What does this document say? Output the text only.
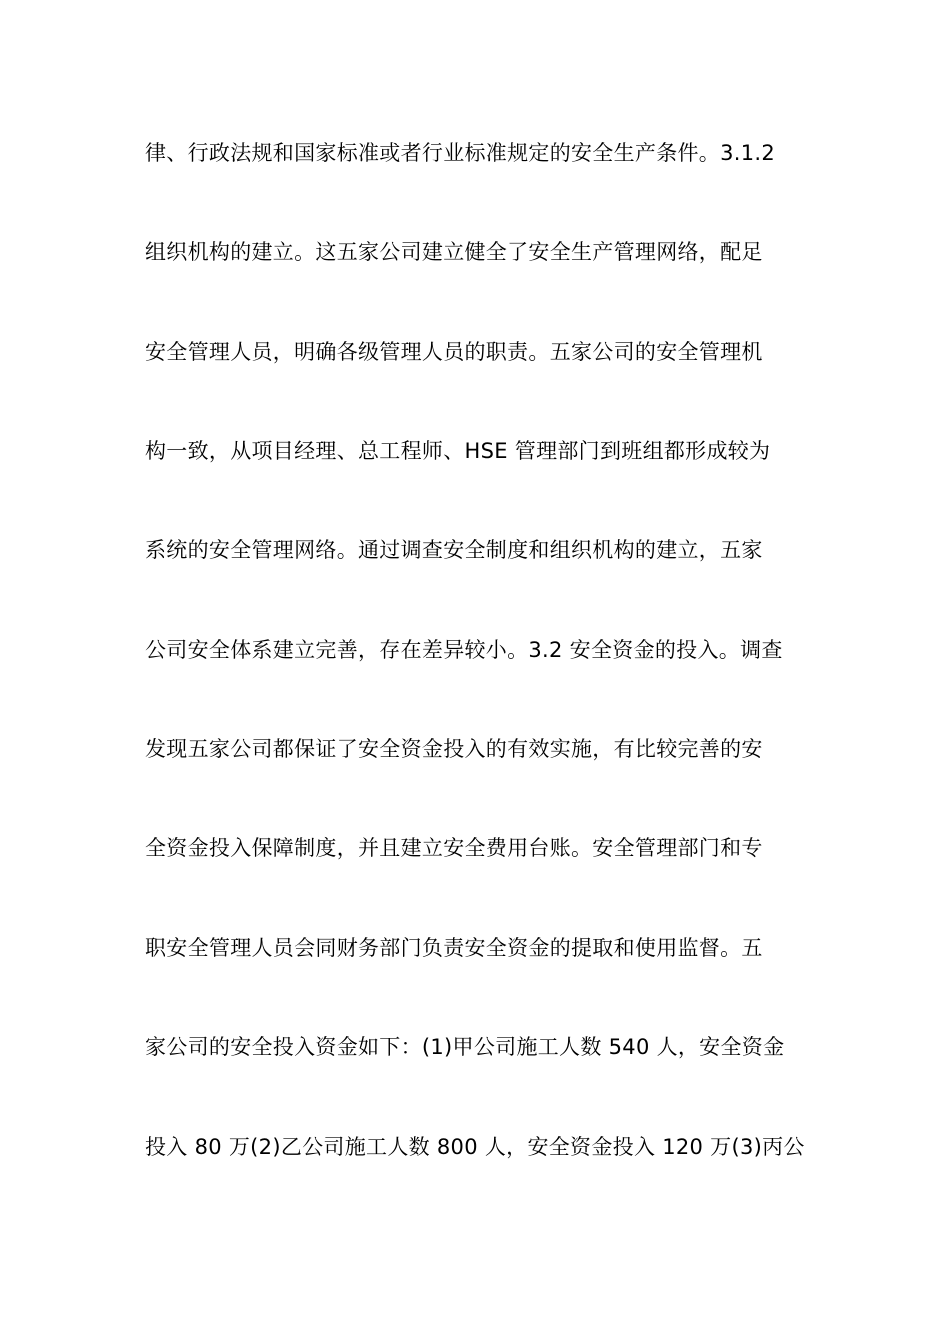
律、行政法规和国家标准或者行业标准规定的安全生产条件。3.1.2
组织机构的建立。这五家公司建立健全了安全生产管理网络，配足
安全管理人员，明确各级管理人员的职责。五家公司的安全管理机
构一致，从项目经理、总工程师、HSE 管理部门到班组都形成较为
系统的安全管理网络。通过调查安全制度和组织机构的建立，五家
公司安全体系建立完善，存在差异较小。3.2 安全资金的投入。调查
发现五家公司都保证了安全资金投入的有效实施，有比较完善的安
全资金投入保障制度，并且建立安全费用台账。安全管理部门和专
职安全管理人员会同财务部门负责安全资金的提取和使用监督。五
家公司的安全投入资金如下：(1)甲公司施工人数 540 人，安全资金
投入 80 万(2)乙公司施工人数 800 人，安全资金投入 120 万(3)丙公
